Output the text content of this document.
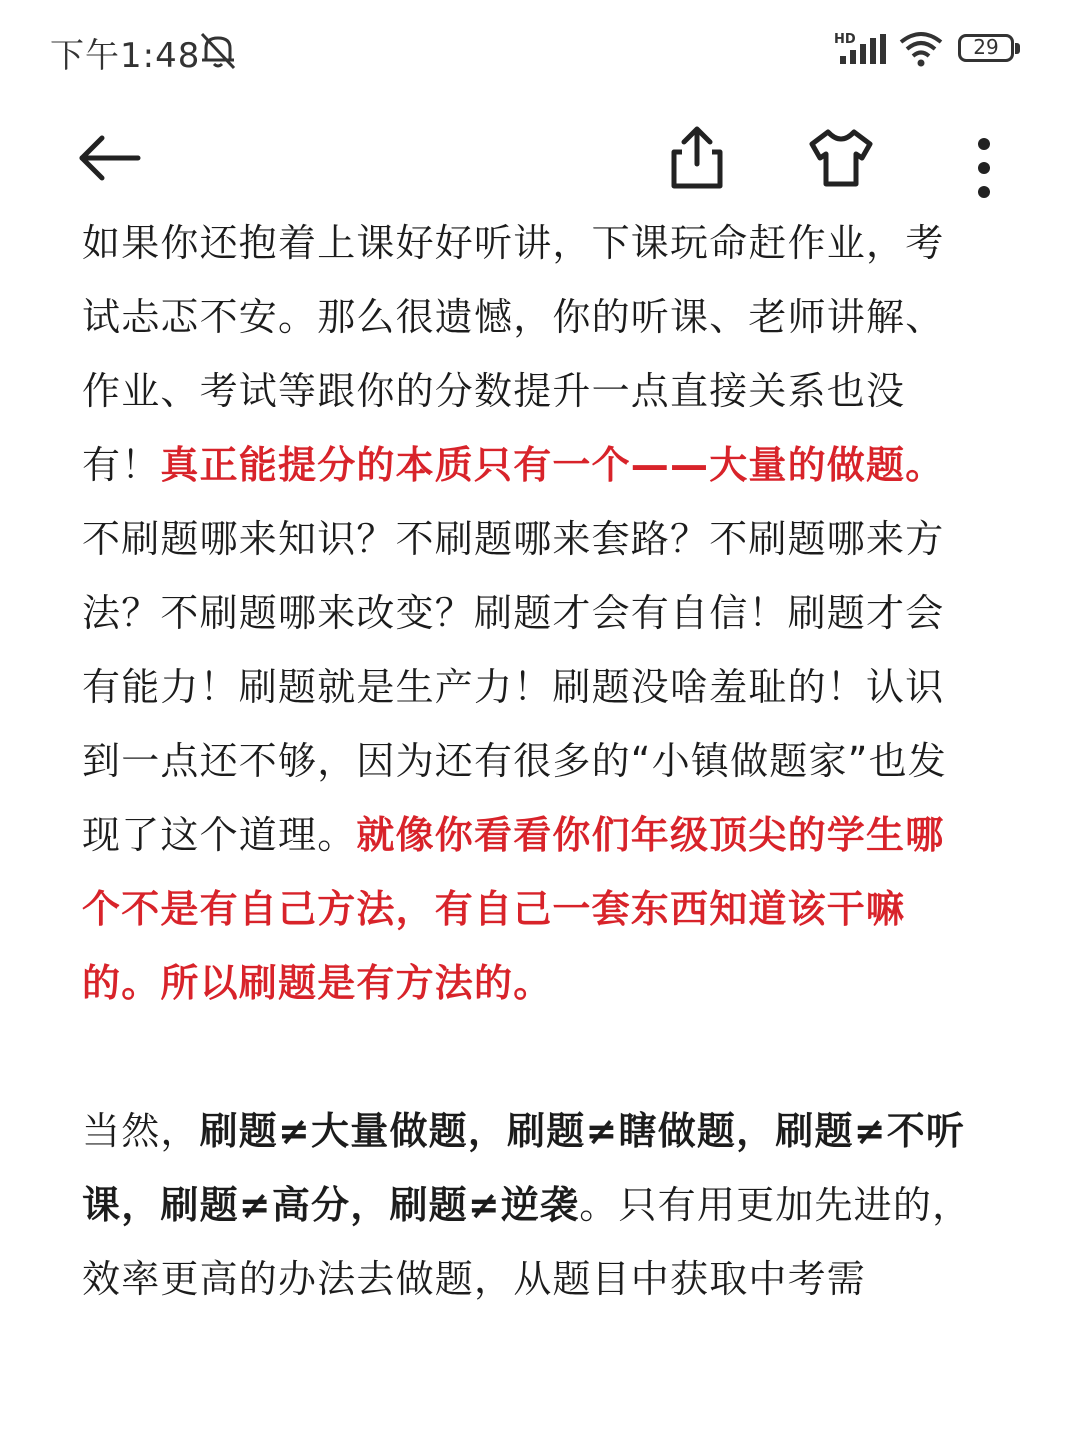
下午1:48	HD	29

如果你还抱着上课好好听讲，下课玩命赶作业，考试忐忑不安。那么很遗憾，你的听课、老师讲解、作业、考试等跟你的分数提升一点直接关系也没有！真正能提分的本质只有一个——大量的做题。不刷题哪来知识？不刷题哪来套路？不刷题哪来方法？不刷题哪来改变？刷题才会有自信！刷题才会有能力！刷题就是生产力！刷题没啥羞耻的！认识到一点还不够，因为还有很多的“小镇做题家”也发现了这个道理。就像你看看你们年级顶尖的学生哪个不是有自己方法，有自己一套东西知道该干嘛的。所以刷题是有方法的。

当然，刷题≠大量做题，刷题≠瞎做题，刷题≠不听课，刷题≠高分，刷题≠逆袭。只有用更加先进的，效率更高的办法去做题，从题目中获取中考需
